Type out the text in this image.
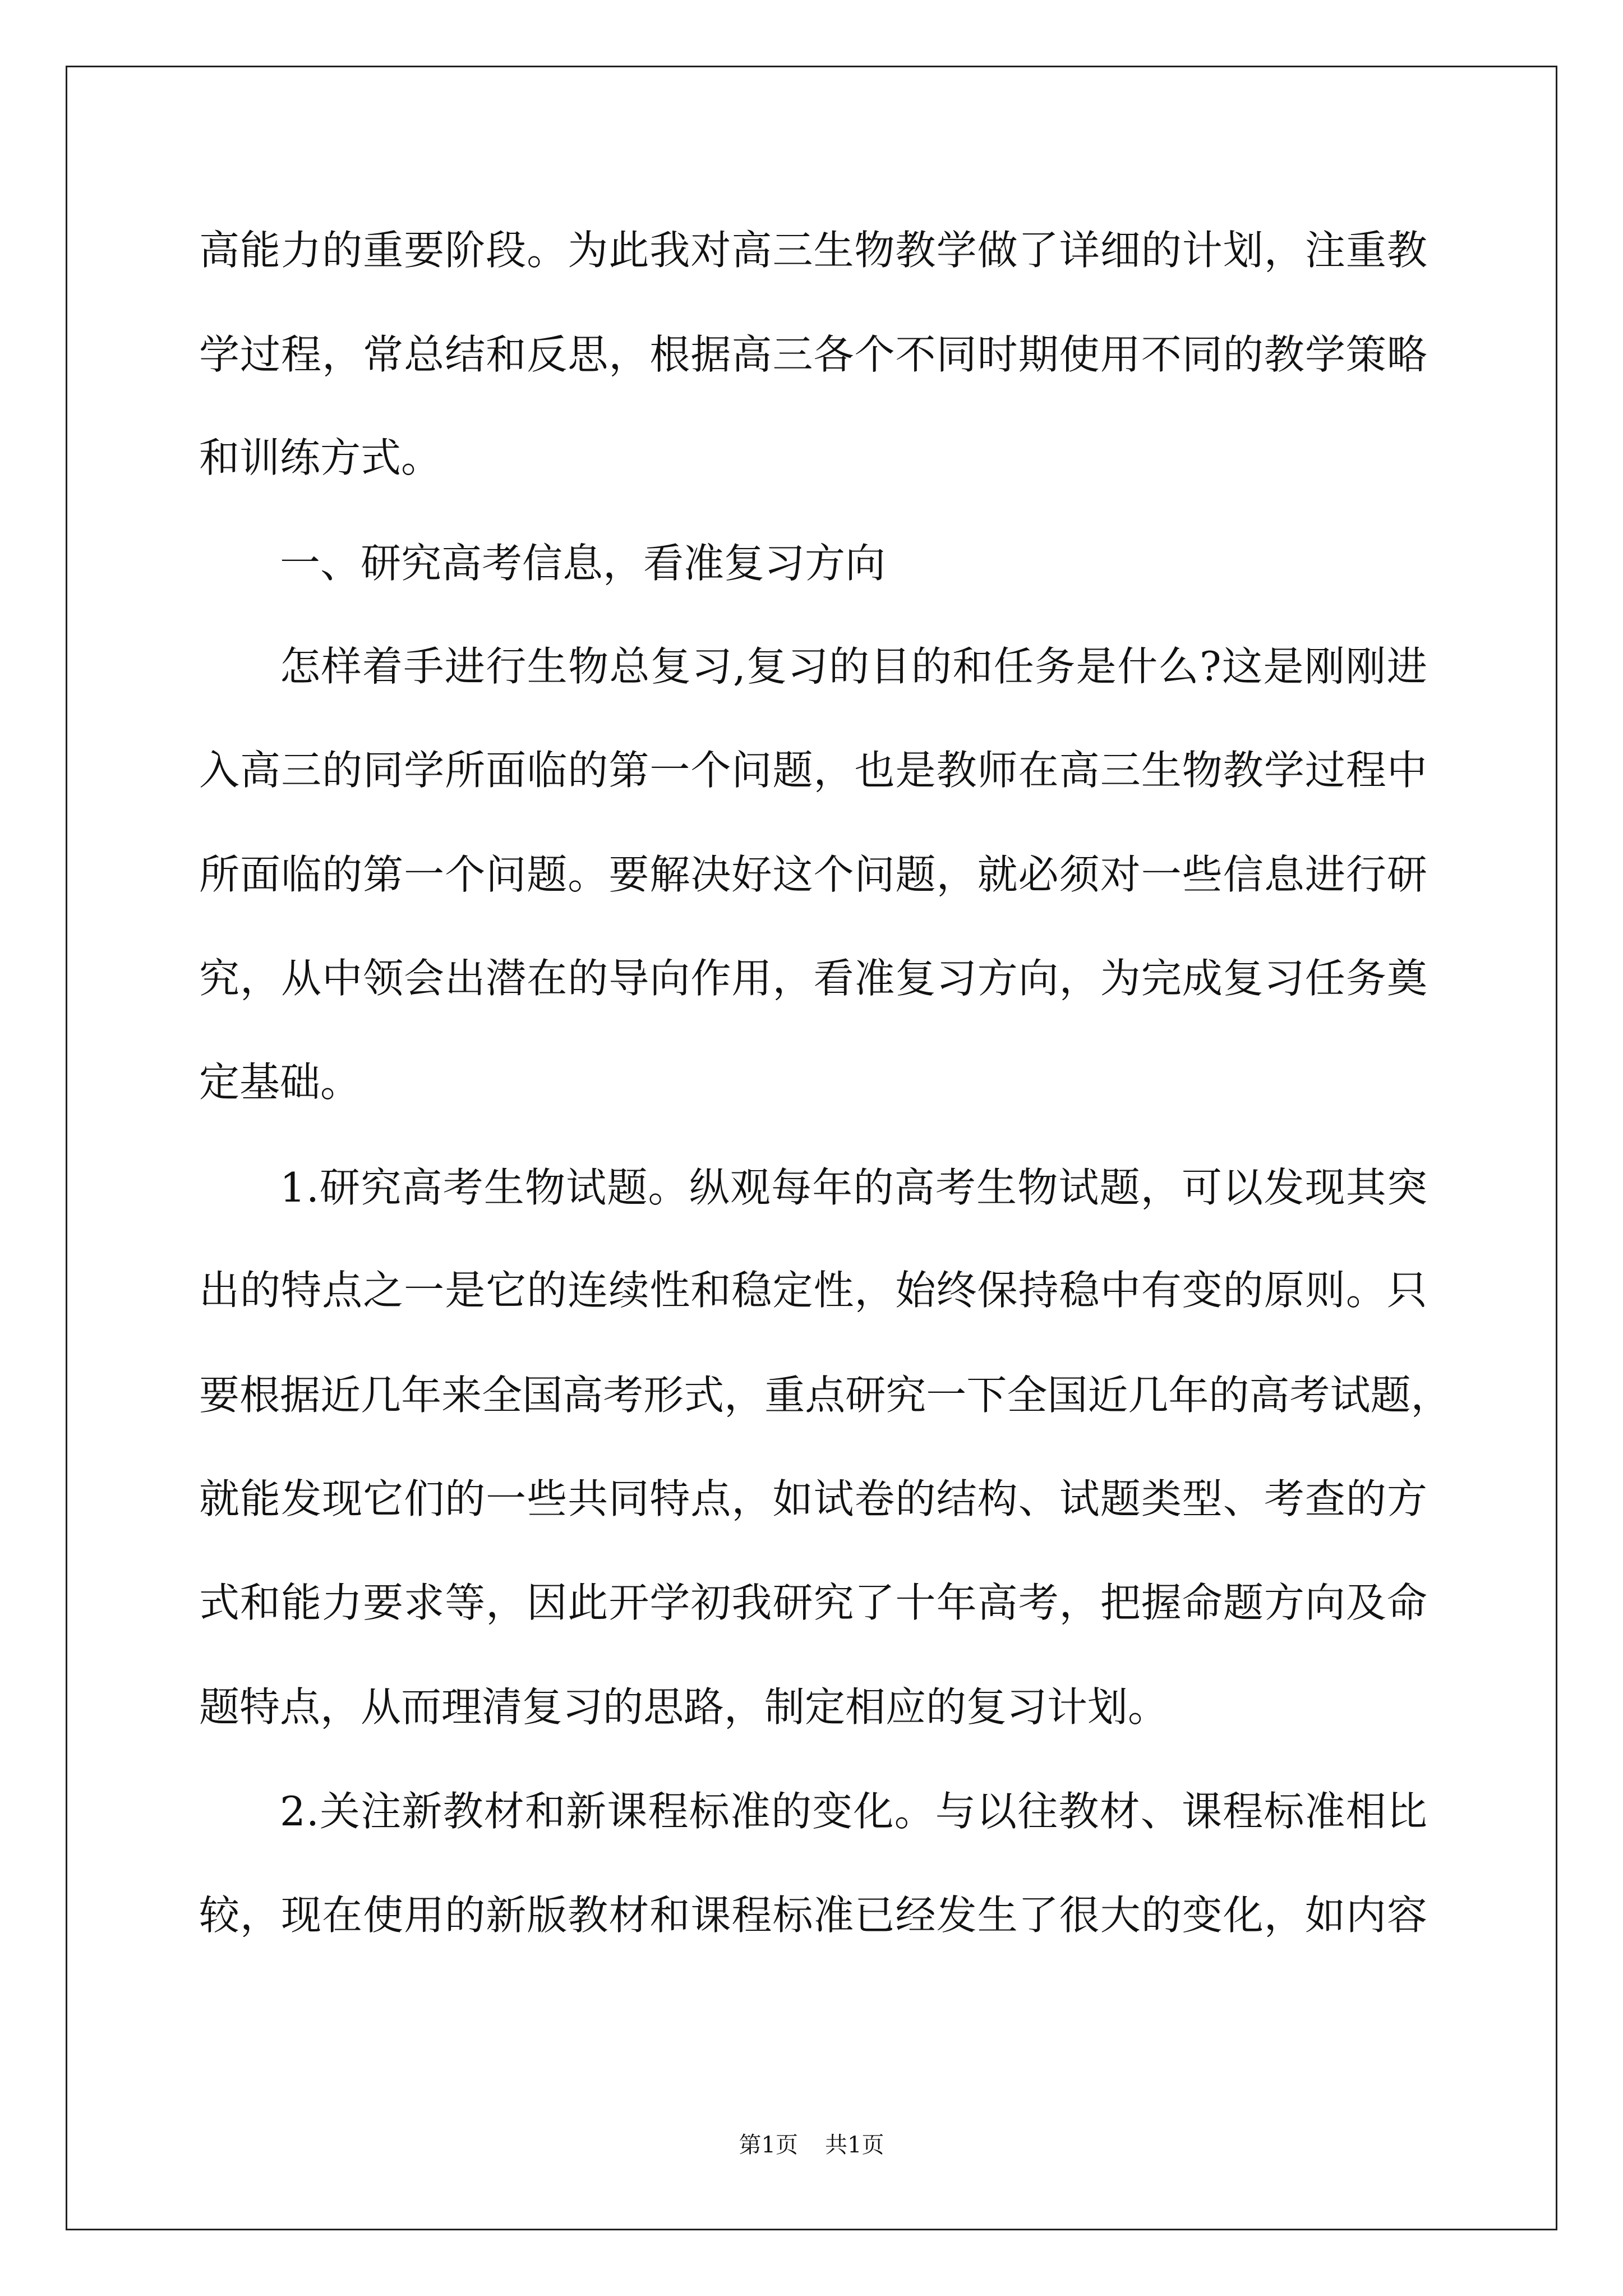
高 能 力 的 重 要 阶 段 。 为 此 我 对 高 三 生 物 教 学 做 了 详 细 的 计 划 ， 注 重 教
学 过 程 ， 常 总 结 和 反 思 ， 根 据 高 三 各 个 不 同 时 期 使 用 不 同 的 教 学 策 略
和训练方式。
一、研究高考信息，看准复习方向
怎 样 着 手 进 行 生 物 总 复 习 , 复 习 的 目 的 和 任 务 是 什 么 ? 这 是 刚 刚 进
入 高 三 的 同 学 所 面 临 的 第 一 个 问 题 ， 也 是 教 师 在 高 三 生 物 教 学 过 程 中
所 面 临 的 第 一 个 问 题 。 要 解 决 好 这 个 问 题 ， 就 必 须 对 一 些 信 息 进 行 研
究 ， 从 中 领 会 出 潜 在 的 导 向 作 用 ， 看 准 复 习 方 向 ， 为 完 成 复 习 任 务 奠
定基础。
1 . 研 究 高 考 生 物 试 题 。 纵 观 每 年 的 高 考 生 物 试 题 ， 可 以 发 现 其 突
出 的 特 点 之 一 是 它 的 连 续 性 和 稳 定 性 ， 始 终 保 持 稳 中 有 变 的 原 则 。 只
要 根 据 近 几 年 来 全 国 高 考 形 式 ， 重 点 研 究 一 下 全 国 近 几 年 的 高 考 试 题 ，
就 能 发 现 它 们 的 一 些 共 同 特 点 ， 如 试 卷 的 结 构 、 试 题 类 型 、 考 查 的 方
式 和 能 力 要 求 等 ， 因 此 开 学 初 我 研 究 了 十 年 高 考 ， 把 握 命 题 方 向 及 命
题特点，从而理清复习的思路，制定相应的复习计划。
2 . 关 注 新 教 材 和 新 课 程 标 准 的 变 化 。 与 以 往 教 材 、 课 程 标 准 相 比
较 ， 现 在 使 用 的 新 版 教 材 和 课 程 标 准 已 经 发 生 了 很 大 的 变 化 ， 如 内 容
第1页 共1页
